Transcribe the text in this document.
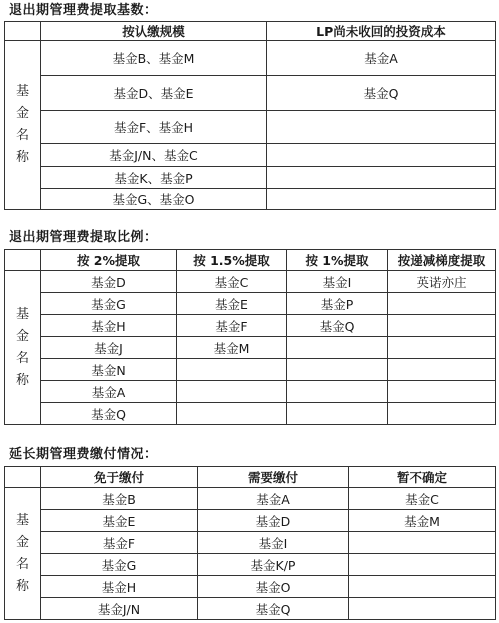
退出期管理费提取基数：
	按认缴规模	LP尚未收回的投资成本

基
金
名
称	基金B、基金M	基金A
	基金D、基金E	基金Q
	基金F、基金H	
	基金J/N、基金C	
	基金K、基金P	
	基金G、基金O	
退出期管理费提取比例：
	按 2%提取	按 1.5%提取	按 1%提取	按递减梯度提取

基
金
名
称	基金D	基金C	基金I	英诺亦庄
	基金G	基金E	基金P	
	基金H	基金F	基金Q	
	基金J	基金M		
	基金N			
	基金A			
	基金Q			
延长期管理费缴付情况：
	免于缴付	需要缴付	暂不确定

基
金
名
称	基金B	基金A	基金C
	基金E	基金D	基金M
	基金F	基金I	
	基金G	基金K/P	
	基金H	基金O	
	基金J/N	基金Q	
